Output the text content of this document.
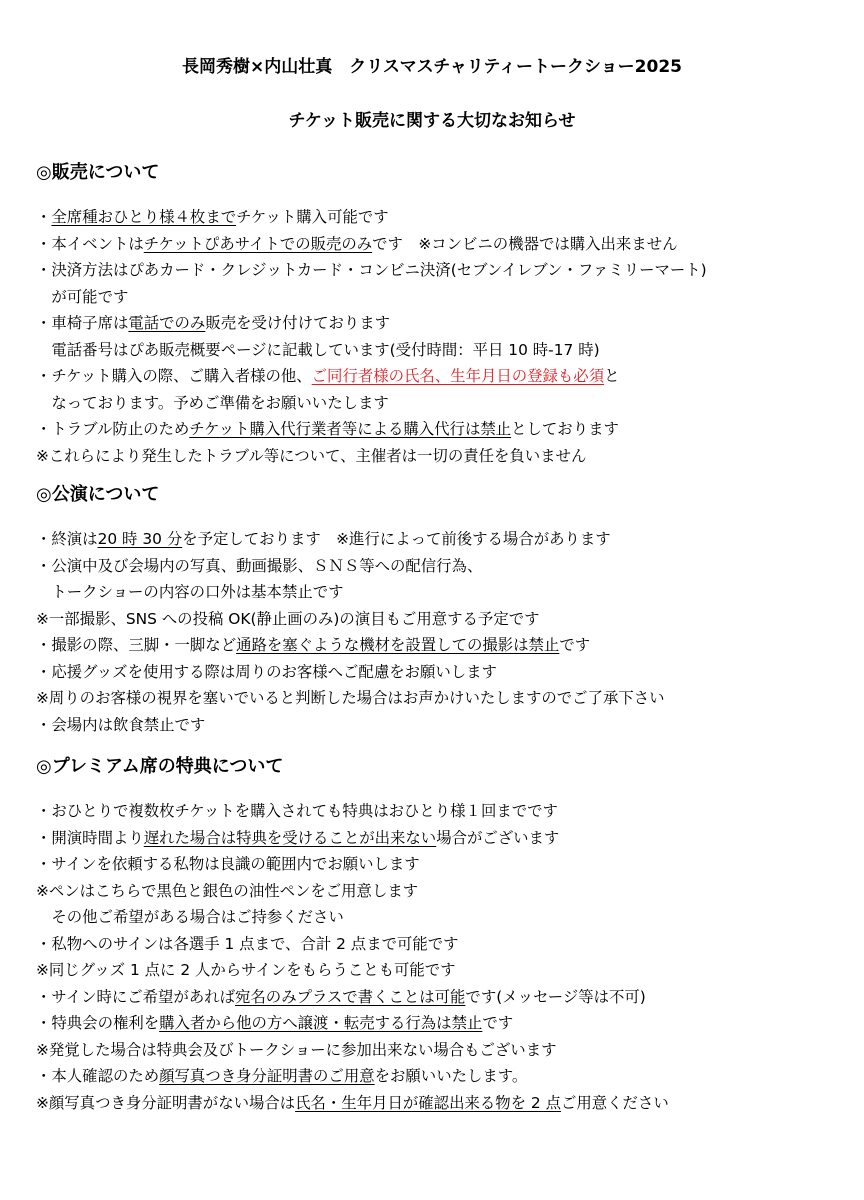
長岡秀樹×内山壮真　クリスマスチャリティートークショー2025
チケット販売に関する大切なお知らせ
◎販売について
・全席種おひとり様４枚までチケット購入可能です
・本イベントはチケットぴあサイトでの販売のみです　※コンビニの機器では購入出来ません
・決済方法はぴあカード・クレジットカード・コンビニ決済(セブンイレブン・ファミリーマート)
　が可能です
・車椅子席は電話でのみ販売を受け付けております
　電話番号はぴあ販売概要ページに記載しています(受付時間：平日 10 時-17 時)
・チケット購入の際、ご購入者様の他、ご同行者様の氏名、生年月日の登録も必須と
　なっております。予めご準備をお願いいたします
・トラブル防止のためチケット購入代行業者等による購入代行は禁止としております
※これらにより発生したトラブル等について、主催者は一切の責任を負いません
◎公演について
・終演は20 時 30 分を予定しております　※進行によって前後する場合があります
・公演中及び会場内の写真、動画撮影、ＳＮＳ等への配信行為、
　トークショーの内容の口外は基本禁止です
※一部撮影、SNS への投稿 OK(静止画のみ)の演目もご用意する予定です
・撮影の際、三脚・一脚など通路を塞ぐような機材を設置しての撮影は禁止です
・応援グッズを使用する際は周りのお客様へご配慮をお願いします
※周りのお客様の視界を塞いでいると判断した場合はお声かけいたしますのでご了承下さい
・会場内は飲食禁止です
◎プレミアム席の特典について
・おひとりで複数枚チケットを購入されても特典はおひとり様１回までです
・開演時間より遅れた場合は特典を受けることが出来ない場合がございます
・サインを依頼する私物は良識の範囲内でお願いします
※ペンはこちらで黒色と銀色の油性ペンをご用意します
　その他ご希望がある場合はご持参ください
・私物へのサインは各選手 1 点まで、合計 2 点まで可能です
※同じグッズ 1 点に 2 人からサインをもらうことも可能です
・サイン時にご希望があれば宛名のみプラスで書くことは可能です(メッセージ等は不可)
・特典会の権利を購入者から他の方へ譲渡・転売する行為は禁止です
※発覚した場合は特典会及びトークショーに参加出来ない場合もございます
・本人確認のため顔写真つき身分証明書のご用意をお願いいたします。
※顔写真つき身分証明書がない場合は氏名・生年月日が確認出来る物を 2 点ご用意ください
